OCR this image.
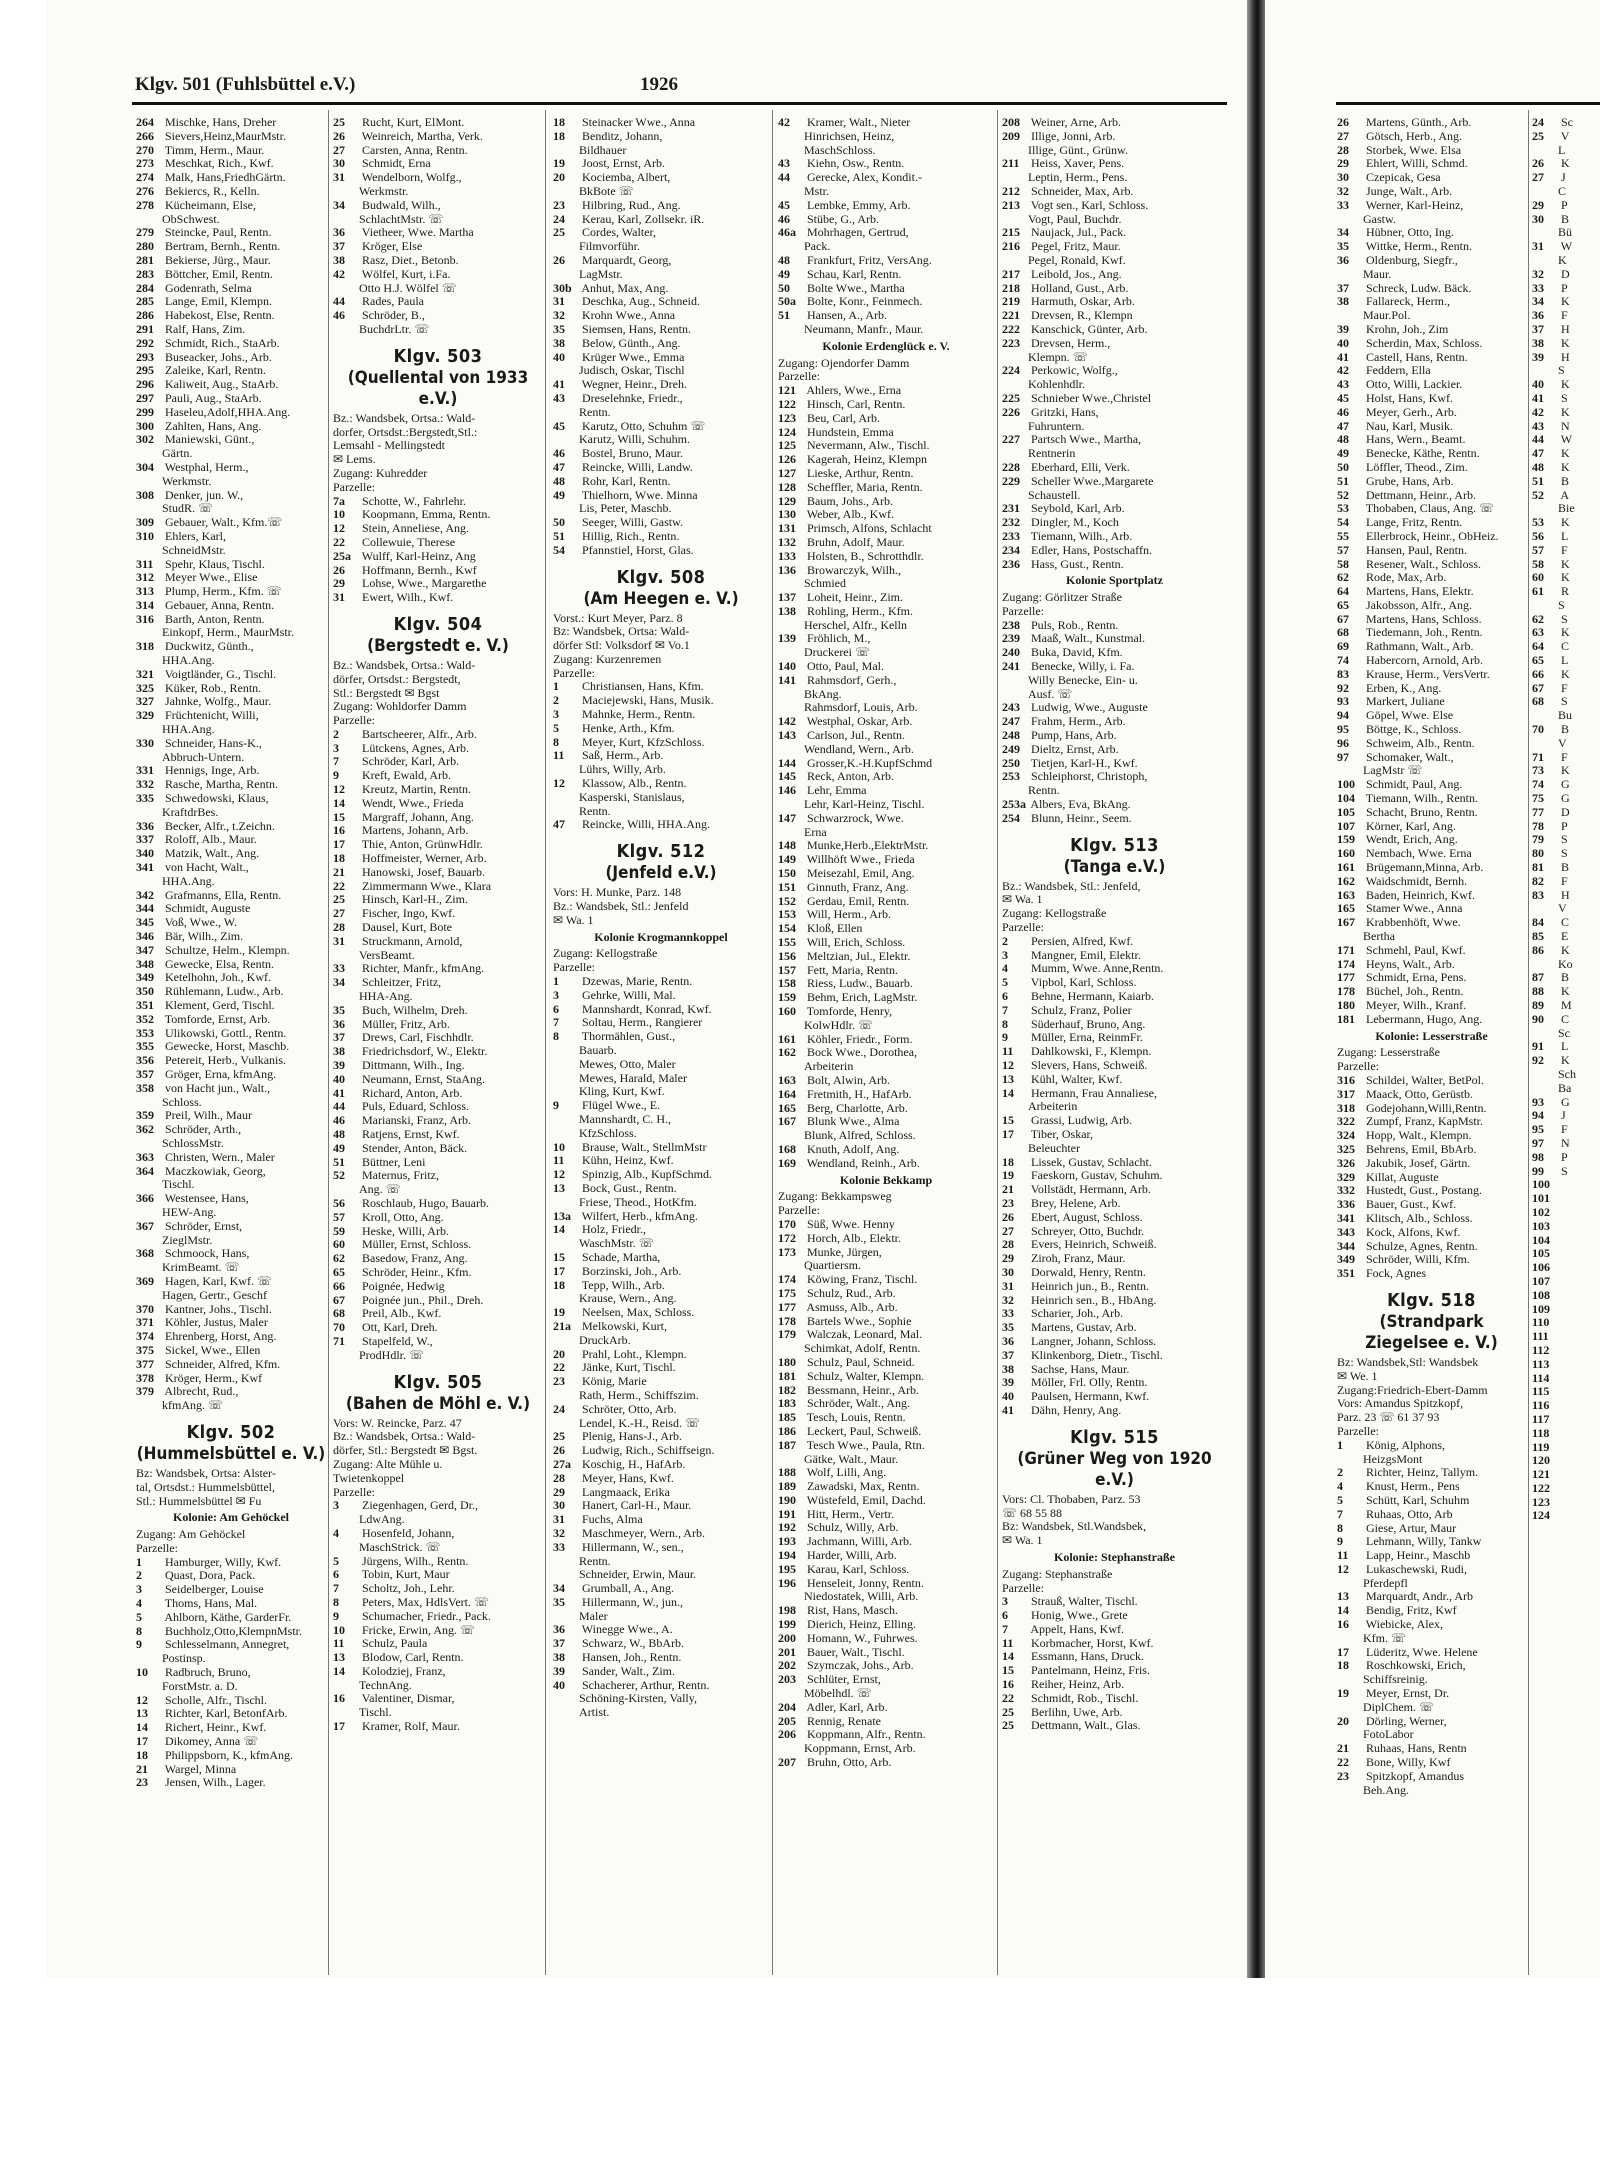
Klgv. 501 (Fuhlsbüttel e.V.)	1926
264 Mischke, Hans, Dreher
266 Sievers,Heinz,MaurMstr.
270 Timm, Herm., Maur.
273 Meschkat, Rich., Kwf.
274 Malk, Hans,FriedhGärtn.
276 Bekiercs, R., Kelln.
278 Kücheimann, Else,
ObSchwest.
279 Steincke, Paul, Rentn.
280 Bertram, Bernh., Rentn.
281 Bekierse, Jürg., Maur.
283 Böttcher, Emil, Rentn.
284 Godenrath, Selma
285 Lange, Emil, Klempn.
286 Habekost, Else, Rentn.
291 Ralf, Hans, Zim.
292 Schmidt, Rich., StaArb.
293 Buseacker, Johs., Arb.
295 Zaleike, Karl, Rentn.
296 Kaliweit, Aug., StaArb.
297 Pauli, Aug., StaArb.
299 Haseleu,Adolf,HHA.Ang.
300 Zahlten, Hans, Ang.
302 Maniewski, Günt.,
Gärtn.
304 Westphal, Herm.,
Werkmstr.
308 Denker, jun. W.,
StudR. ☏
309 Gebauer, Walt., Kfm.☏
310 Ehlers, Karl,
SchneidMstr.
311 Spehr, Klaus, Tischl.
312 Meyer Wwe., Elise
313 Plump, Herm., Kfm. ☏
314 Gebauer, Anna, Rentn.
316 Barth, Anton, Rentn.
Einkopf, Herm., MaurMstr.
318 Duckwitz, Günth.,
HHA.Ang.
321 Voigtländer, G., Tischl.
325 Küker, Rob., Rentn.
327 Jahnke, Wolfg., Maur.
329 Früchtenicht, Willi,
HHA.Ang.
330 Schneider, Hans-K.,
Abbruch-Untern.
331 Hennigs, Inge, Arb.
332 Rasche, Martha, Rentn.
335 Schwedowski, Klaus,
KraftdrBes.
336 Becker, Alfr., t.Zeichn.
337 Roloff, Alb., Maur.
340 Matzik, Walt., Ang.
341 von Hacht, Walt.,
HHA.Ang.
342 Grafmanns, Ella, Rentn.
344 Schmidt, Auguste
345 Voß, Wwe., W.
346 Bär, Wilh., Zim.
347 Schultze, Helm., Klempn.
348 Gewecke, Elsa, Rentn.
349 Ketelhohn, Joh., Kwf.
350 Rühlemann, Ludw., Arb.
351 Klement, Gerd, Tischl.
352 Tomforde, Ernst, Arb.
353 Ulikowski, Gottl., Rentn.
355 Gewecke, Horst, Maschb.
356 Petereit, Herb., Vulkanis.
357 Gröger, Erna, kfmAng.
358 von Hacht jun., Walt.,
Schloss.
359 Preil, Wilh., Maur
362 Schröder, Arth.,
SchlossMstr.
363 Christen, Wern., Maler
364 Maczkowiak, Georg,
Tischl.
366 Westensee, Hans,
HEW-Ang.
367 Schröder, Ernst,
ZieglMstr.
368 Schmoock, Hans,
KrimBeamt. ☏
369 Hagen, Karl, Kwf. ☏
Hagen, Gertr., Geschf
370 Kantner, Johs., Tischl.
371 Köhler, Justus, Maler
374 Ehrenberg, Horst, Ang.
375 Sickel, Wwe., Ellen
377 Schneider, Alfred, Kfm.
378 Kröger, Herm., Kwf
379 Albrecht, Rud.,
kfmAng. ☏
Klgv. 502
(Hummelsbüttel e. V.)
Bz: Wandsbek, Ortsa: Alster-
tal, Ortsdst.: Hummelsbüttel,
Stl.: Hummelsbüttel ✉ Fu
Kolonie: Am Gehöckel
Zugang: Am Gehöckel
Parzelle:
1 Hamburger, Willy, Kwf.
2 Quast, Dora, Pack.
3 Seidelberger, Louise
4 Thoms, Hans, Mal.
5 Ahlborn, Käthe, GarderFr.
8 Buchholz,Otto,KlempnMstr.
9 Schlesselmann, Annegret,
Postinsp.
10 Radbruch, Bruno,
ForstMstr. a. D.
12 Scholle, Alfr., Tischl.
13 Richter, Karl, BetonfArb.
14 Richert, Heinr., Kwf.
17 Dikomey, Anna ☏
18 Philippsborn, K., kfmAng.
21 Wargel, Minna
23 Jensen, Wilh., Lager.
25 Rucht, Kurt, ElMont.
26 Weinreich, Martha, Verk.
27 Carsten, Anna, Rentn.
30 Schmidt, Erna
31 Wendelborn, Wolfg.,
Werkmstr.
34 Budwald, Wilh.,
SchlachtMstr. ☏
36 Vietheer, Wwe. Martha
37 Kröger, Else
38 Rasz, Diet., Betonb.
42 Wölfel, Kurt, i.Fa.
Otto H.J. Wölfel ☏
44 Rades, Paula
46 Schröder, B.,
BuchdrLtr. ☏
Klgv. 503
(Quellental von 1933 e.V.)
Bz.: Wandsbek, Ortsa.: Wald-
dorfer, Ortsdst.:Bergstedt,Stl.:
Lemsahl - Mellingstedt
✉ Lems.
Zugang: Kuhredder
Parzelle:
7a Schotte, W., Fahrlehr.
10 Koopmann, Emma, Rentn.
12 Stein, Anneliese, Ang.
22 Collewuie, Therese
25a Wulff, Karl-Heinz, Ang
26 Hoffmann, Bernh., Kwf
29 Lohse, Wwe., Margarethe
31 Ewert, Wilh., Kwf.
Klgv. 504
(Bergstedt e. V.)
Bz.: Wandsbek, Ortsa.: Wald-
dörfer, Ortsdst.: Bergstedt,
Stl.: Bergstedt ✉ Bgst
Zugang: Wohldorfer Damm
Parzelle:
2 Bartscheerer, Alfr., Arb.
3 Lütckens, Agnes, Arb.
7 Schröder, Karl, Arb.
9 Kreft, Ewald, Arb.
12 Kreutz, Martin, Rentn.
14 Wendt, Wwe., Frieda
15 Margraff, Johann, Ang.
16 Martens, Johann, Arb.
17 Thie, Anton, GrünwHdlr.
18 Hoffmeister, Werner, Arb.
21 Hanowski, Josef, Bauarb.
22 Zimmermann Wwe., Klara
25 Hinsch, Karl-H., Zim.
27 Fischer, Ingo, Kwf.
28 Dausel, Kurt, Bote
31 Struckmann, Arnold,
VersBeamt.
33 Richter, Manfr., kfmAng.
34 Schleitzer, Fritz,
HHA-Ang.
35 Buch, Wilhelm, Dreh.
36 Müller, Fritz, Arb.
37 Drews, Carl, Fischhdlr.
38 Friedrichsdorf, W., Elektr.
39 Dittmann, Wilh., Ing.
40 Neumann, Ernst, StaAng.
41 Richard, Anton, Arb.
44 Puls, Eduard, Schloss.
46 Marianski, Franz, Arb.
48 Ratjens, Ernst, Kwf.
49 Stender, Anton, Bäck.
51 Büttner, Leni
52 Maternus, Fritz,
Ang. ☏
56 Roschlaub, Hugo, Bauarb.
57 Kroll, Otto, Ang.
59 Heske, Willi, Arb.
60 Müller, Ernst, Schloss.
62 Basedow, Franz, Ang.
65 Schröder, Heinr., Kfm.
66 Poignée, Hedwig
67 Poignée jun., Phil., Dreh.
68 Preil, Alb., Kwf.
70 Ott, Karl, Dreh.
71 Stapelfeld, W.,
ProdHdlr. ☏
Klgv. 505
(Bahen de Möhl e. V.)
Vors: W. Reincke, Parz. 47
Bz.: Wandsbek, Ortsa.: Wald-
dörfer, Stl.: Bergstedt ✉ Bgst.
Zugang: Alte Mühle u.
Twietenkoppel
Parzelle:
3 Ziegenhagen, Gerd, Dr.,
LdwAng.
4 Hosenfeld, Johann,
MaschStrick. ☏
5 Jürgens, Wilh., Rentn.
6 Tobin, Kurt, Maur
7 Scholtz, Joh., Lehr.
8 Peters, Max, HdlsVert. ☏
9 Schumacher, Friedr., Pack.
10 Fricke, Erwin, Ang. ☏
11 Schulz, Paula
13 Blodow, Carl, Rentn.
14 Kolodziej, Franz,
TechnAng.
16 Valentiner, Dismar,
Tischl.
17 Kramer, Rolf, Maur.
18 Steinacker Wwe., Anna
18 Benditz, Johann,
Bildhauer
19 Joost, Ernst, Arb.
20 Kociemba, Albert,
BkBote ☏
23 Hilbring, Rud., Ang.
24 Kerau, Karl, Zollsekr. iR.
25 Cordes, Walter,
Filmvorführ.
26 Marquardt, Georg,
LagMstr.
30b Anhut, Max, Ang.
31 Deschka, Aug., Schneid.
32 Krohn Wwe., Anna
35 Siemsen, Hans, Rentn.
38 Below, Günth., Ang.
40 Krüger Wwe., Emma
Judisch, Oskar, Tischl
41 Wegner, Heinr., Dreh.
43 Dreselehnke, Friedr.,
Rentn.
45 Karutz, Otto, Schuhm ☏
Karutz, Willi, Schuhm.
46 Bostel, Bruno, Maur.
47 Reincke, Willi, Landw.
48 Rohr, Karl, Rentn.
49 Thielhorn, Wwe. Minna
Lis, Peter, Maschb.
50 Seeger, Willi, Gastw.
51 Hillig, Rich., Rentn.
54 Pfannstiel, Horst, Glas.
Klgv. 508
(Am Heegen e. V.)
Vorst.: Kurt Meyer, Parz. 8
Bz: Wandsbek, Ortsa: Wald-
dörfer Stl: Volksdorf ✉ Vo.1
Zugang: Kurzenremen
Parzelle:
1 Christiansen, Hans, Kfm.
2 Maciejewski, Hans, Musik.
3 Mahnke, Herm., Rentn.
5 Henke, Arth., Kfm.
8 Meyer, Kurt, KfzSchloss.
11 Saß, Herm., Arb.
Lührs, Willy, Arb.
12 Klassow, Alb., Rentn.
Kasperski, Stanislaus,
Rentn.
47 Reincke, Willi, HHA.Ang.
Klgv. 512
(Jenfeld e.V.)
Vors: H. Munke, Parz. 148
Bz.: Wandsbek, Stl.: Jenfeld
✉ Wa. 1
Kolonie Krogmannkoppel
Zugang: Kellogstraße
Parzelle:
1 Dzewas, Marie, Rentn.
3 Gehrke, Willi, Mal.
6 Mannshardt, Konrad, Kwf.
7 Soltau, Herm., Rangierer
8 Thormählen, Gust.,
Bauarb.
Mewes, Otto, Maler
Mewes, Harald, Maler
Kling, Kurt, Kwf.
9 Flügel Wwe., E.
Mannshardt, C. H.,
KfzSchloss.
10 Brause, Walt., StellmMstr
11 Kühn, Heinz, Kwf.
12 Spinzig, Alb., KupfSchmd.
13 Bock, Gust., Rentn.
Friese, Theod., HotKfm.
13a Wilfert, Herb., kfmAng.
14 Holz, Friedr.,
WaschMstr. ☏
15 Schade, Martha,
17 Borzinski, Joh., Arb.
18 Tepp, Wilh., Arb.
Krause, Wern., Ang.
19 Neelsen, Max, Schloss.
21a Melkowski, Kurt,
DruckArb.
20 Prahl, Loht., Klempn.
22 Jänke, Kurt, Tischl.
23 König, Marie
Rath, Herm., Schiffszim.
24 Schröter, Otto, Arb.
Lendel, K.-H., Reisd. ☏
25 Plenig, Hans-J., Arb.
26 Ludwig, Rich., Schiffseign.
27a Koschig, H., HafArb.
28 Meyer, Hans, Kwf.
29 Langmaack, Erika
30 Hanert, Carl-H., Maur.
31 Fuchs, Alma
32 Maschmeyer, Wern., Arb.
33 Hillermann, W., sen.,
Rentn.
Schneider, Erwin, Maur.
34 Grumball, A., Ang.
35 Hillermann, W., jun.,
Maler
36 Winegge Wwe., A.
37 Schwarz, W., BbArb.
38 Hansen, Joh., Rentn.
39 Sander, Walt., Zim.
40 Schacherer, Arthur, Rentn.
Schöning-Kirsten, Vally,
Artist.
42 Kramer, Walt., Nieter
Hinrichsen, Heinz,
MaschSchloss.
43 Kiehn, Osw., Rentn.
44 Gerecke, Alex, Kondit.-
Mstr.
45 Lembke, Emmy, Arb.
46 Stübe, G., Arb.
46a Mohrhagen, Gertrud,
Pack.
48 Frankfurt, Fritz, VersAng.
49 Schau, Karl, Rentn.
50 Bolte Wwe., Martha
50a Bolte, Konr., Feinmech.
51 Hansen, A., Arb.
Neumann, Manfr., Maur.
Kolonie Erdenglück e. V.
Zugang: Ojendorfer Damm
Parzelle:
121 Ahlers, Wwe., Erna
122 Hinsch, Carl, Rentn.
123 Beu, Carl, Arb.
124 Hundstein, Emma
125 Nevermann, Alw., Tischl.
126 Kagerah, Heinz, Klempn
127 Lieske, Arthur, Rentn.
128 Scheffler, Maria, Rentn.
129 Baum, Johs., Arb.
130 Weber, Alb., Kwf.
131 Primsch, Alfons, Schlacht
132 Bruhn, Adolf, Maur.
133 Holsten, B., Schrotthdlr.
136 Browarczyk, Wilh.,
Schmied
137 Loheit, Heinr., Zim.
138 Rohling, Herm., Kfm.
Herschel, Alfr., Kelln
139 Fröhlich, M.,
Druckerei ☏
140 Otto, Paul, Mal.
141 Rahmsdorf, Gerh.,
BkAng.
Rahmsdorf, Louis, Arb.
142 Westphal, Oskar, Arb.
143 Carlson, Jul., Rentn.
Wendland, Wern., Arb.
144 Grosser,K.-H.KupfSchmd
145 Reck, Anton, Arb.
146 Lehr, Emma
Lehr, Karl-Heinz, Tischl.
147 Schwarzrock, Wwe.
Erna
148 Munke,Herb.,ElektrMstr.
149 Willhöft Wwe., Frieda
150 Meisezahl, Emil, Ang.
151 Ginnuth, Franz, Ang.
152 Gerdau, Emil, Rentn.
153 Will, Herm., Arb.
154 Kloß, Ellen
155 Will, Erich, Schloss.
156 Meltzian, Jul., Elektr.
157 Fett, Maria, Rentn.
158 Riess, Ludw., Bauarb.
159 Behm, Erich, LagMstr.
160 Tomforde, Henry,
KolwHdlr. ☏
161 Köhler, Friedr., Form.
162 Bock Wwe., Dorothea,
Arbeiterin
163 Bolt, Alwin, Arb.
164 Fretmith, H., HafArb.
165 Berg, Charlotte, Arb.
167 Blunk Wwe., Alma
Blunk, Alfred, Schloss.
168 Knuth, Adolf, Ang.
169 Wendland, Reinh., Arb.
Kolonie Bekkamp
Zugang: Bekkampsweg
Parzelle:
170 Süß, Wwe. Henny
172 Horch, Alb., Elektr.
173 Munke, Jürgen,
Quartiersm.
174 Köwing, Franz, Tischl.
175 Schulz, Rud., Arb.
177 Asmuss, Alb., Arb.
178 Bartels Wwe., Sophie
179 Walczak, Leonard, Mal.
Schimkat, Adolf, Rentn.
180 Schulz, Paul, Schneid.
181 Schulz, Walter, Klempn.
182 Bessmann, Heinr., Arb.
183 Schröder, Walt., Ang.
185 Tesch, Louis, Rentn.
186 Leckert, Paul, Schweiß.
187 Tesch Wwe., Paula, Rtn.
Gätke, Walt., Maur.
188 Wolf, Lilli, Ang.
189 Zawadski, Max, Rentn.
190 Wüstefeld, Emil, Dachd.
191 Hitt, Herm., Vertr.
192 Schulz, Willy, Arb.
193 Jachmann, Willi, Arb.
194 Harder, Willi, Arb.
195 Karau, Karl, Schloss.
196 Henseleit, Jonny, Rentn.
Niedostatek, Willi, Arb.
198 Rist, Hans, Masch.
199 Dierich, Heinz, Elling.
200 Homann, W., Fuhrwes.
201 Bauer, Walt., Tischl.
202 Szymczak, Johs., Arb.
203 Schlüter, Ernst,
Möbelhdl. ☏
204 Adler, Karl, Arb.
205 Rennig, Renate
206 Koppmann, Alfr., Rentn.
Koppmann, Ernst, Arb.
207 Bruhn, Otto, Arb.
208 Weiner, Arne, Arb.
209 Illige, Jonni, Arb.
Illige, Günt., Grünw.
211 Heiss, Xaver, Pens.
Leptin, Herm., Pens.
212 Schneider, Max, Arb.
213 Vogt sen., Karl, Schloss.
Vogt, Paul, Buchdr.
215 Naujack, Jul., Pack.
216 Pegel, Fritz, Maur.
Pegel, Ronald, Kwf.
217 Leibold, Jos., Ang.
218 Holland, Gust., Arb.
219 Harmuth, Oskar, Arb.
221 Drevsen, R., Klempn
222 Kanschick, Günter, Arb.
223 Drevsen, Herm.,
Klempn. ☏
224 Perkowic, Wolfg.,
Kohlenhdlr.
225 Schnieber Wwe.,Christel
226 Gritzki, Hans,
Fuhruntern.
227 Partsch Wwe., Martha,
Rentnerin
228 Eberhard, Elli, Verk.
229 Scheller Wwe.,Margarete
Schaustell.
231 Seybold, Karl, Arb.
232 Dingler, M., Koch
233 Tiemann, Wilh., Arb.
234 Edler, Hans, Postschaffn.
236 Hass, Gust., Rentn.
Kolonie Sportplatz
Zugang: Görlitzer Straße
Parzelle:
238 Puls, Rob., Rentn.
239 Maaß, Walt., Kunstmal.
240 Buka, David, Kfm.
241 Benecke, Willy, i. Fa.
Willy Benecke, Ein- u.
Ausf. ☏
243 Ludwig, Wwe., Auguste
247 Frahm, Herm., Arb.
248 Pump, Hans, Arb.
249 Dieltz, Ernst, Arb.
250 Tietjen, Karl-H., Kwf.
253 Schleiphorst, Christoph,
Rentn.
253a Albers, Eva, BkAng.
254 Blunn, Heinr., Seem.
Klgv. 513
(Tanga e.V.)
Bz.: Wandsbek, Stl.: Jenfeld,
✉ Wa. 1
Zugang: Kellogstraße
Parzelle:
2 Persien, Alfred, Kwf.
3 Mangner, Emil, Elektr.
4 Mumm, Wwe. Anne,Rentn.
5 Vipbol, Karl, Schloss.
6 Behne, Hermann, Kaiarb.
7 Schulz, Franz, Polier
8 Süderhauf, Bruno, Ang.
9 Müller, Erna, ReinmFr.
11 Dahlkowski, F., Klempn.
12 Slevers, Hans, Schweiß.
13 Kühl, Walter, Kwf.
14 Hermann, Frau Annaliese,
Arbeiterin
15 Grassi, Ludwig, Arb.
17 Tiber, Oskar,
Beleuchter
18 Lissek, Gustav, Schlacht.
19 Faeskorn, Gustav, Schuhm.
21 Vollstädt, Hermann, Arb.
23 Brey, Helene, Arb.
26 Ebert, August, Schloss.
27 Schreyer, Otto, Buchdr.
28 Evers, Heinrich, Schweiß.
29 Ziroh, Franz, Maur.
30 Dorwald, Henry, Rentn.
31 Heinrich jun., B., Rentn.
32 Heinrich sen., B., HbAng.
33 Scharier, Joh., Arb.
35 Martens, Gustav, Arb.
36 Langner, Johann, Schloss.
37 Klinkenborg, Dietr., Tischl.
38 Sachse, Hans, Maur.
39 Möller, Frl. Olly, Rentn.
40 Paulsen, Hermann, Kwf.
41 Dähn, Henry, Ang.
Klgv. 515
(Grüner Weg von 1920 e.V.)
Vors: Cl. Thobaben, Parz. 53
☏ 68 55 88
Bz: Wandsbek, Stl.Wandsbek,
✉ Wa. 1
Kolonie: Stephanstraße
Zugang: Stephanstraße
Parzelle:
3 Strauß, Walter, Tischl.
6 Honig, Wwe., Grete
7 Appelt, Hans, Kwf.
11 Korbmacher, Horst, Kwf.
14 Essmann, Hans, Druck.
15 Pantelmann, Heinz, Fris.
16 Reiher, Heinz, Arb.
22 Schmidt, Rob., Tischl.
25 Berlihn, Uwe, Arb.
25 Dettmann, Walt., Glas.
26 Martens, Günth., Arb.
27 Götsch, Herb., Ang.
28 Storbek, Wwe. Elsa
29 Ehlert, Willi, Schmd.
30 Czepicak, Gesa
32 Junge, Walt., Arb.
33 Werner, Karl-Heinz,
Gastw.
34 Hübner, Otto, Ing.
35 Wittke, Herm., Rentn.
36 Oldenburg, Siegfr.,
Maur.
37 Schreck, Ludw. Bäck.
38 Fallareck, Herm.,
Maur.Pol.
39 Krohn, Joh., Zim
40 Scherdin, Max, Schloss.
41 Castell, Hans, Rentn.
42 Feddern, Ella
43 Otto, Willi, Lackier.
45 Holst, Hans, Kwf.
46 Meyer, Gerh., Arb.
47 Nau, Karl, Musik.
48 Hans, Wern., Beamt.
49 Benecke, Käthe, Rentn.
50 Löffler, Theod., Zim.
51 Grube, Hans, Arb.
52 Dettmann, Heinr., Arb.
53 Thobaben, Claus, Ang. ☏
54 Lange, Fritz, Rentn.
55 Ellerbrock, Heinr., ObHeiz.
57 Hansen, Paul, Rentn.
58 Resener, Walt., Schloss.
62 Rode, Max, Arb.
64 Martens, Hans, Elektr.
65 Jakobsson, Alfr., Ang.
67 Martens, Hans, Schloss.
68 Tiedemann, Joh., Rentn.
69 Rathmann, Walt., Arb.
74 Habercorn, Arnold, Arb.
83 Krause, Herm., VersVertr.
92 Erben, K., Ang.
93 Markert, Juliane
94 Göpel, Wwe. Else
95 Böttge, K., Schloss.
96 Schweim, Alb., Rentn.
97 Schomaker, Walt.,
LagMstr ☏
100 Schmidt, Paul, Ang.
104 Tiemann, Wilh., Rentn.
105 Schacht, Bruno, Rentn.
107 Körner, Karl, Ang.
159 Wendt, Erich, Ang.
160 Nembach, Wwe. Erna
161 Brügemann,Minna, Arb.
162 Waidschmidt, Bernh.
163 Baden, Heinrich, Kwf.
165 Stamer Wwe., Anna
167 Krabbenhöft, Wwe.
Bertha
171 Schmehl, Paul, Kwf.
174 Heyns, Walt., Arb.
177 Schmidt, Erna, Pens.
178 Büchel, Joh., Rentn.
180 Meyer, Wilh., Kranf.
181 Lebermann, Hugo, Ang.
Kolonie: Lesserstraße
Zugang: Lesserstraße
Parzelle:
316 Schildei, Walter, BetPol.
317 Maack, Otto, Gerüstb.
318 Godejohann,Willi,Rentn.
322 Zumpf, Franz, KapMstr.
324 Hopp, Walt., Klempn.
325 Behrens, Emil, BbArb.
326 Jakubik, Josef, Gärtn.
329 Killat, Auguste
332 Hustedt, Gust., Postang.
336 Bauer, Gust., Kwf.
341 Klitsch, Alb., Schloss.
343 Kock, Alfons, Kwf.
344 Schulze, Agnes, Rentn.
349 Schröder, Willi, Kfm.
351 Fock, Agnes
Klgv. 518
(Strandpark Ziegelsee e. V.)
Bz: Wandsbek,Stl: Wandsbek
✉ We. 1
Zugang:Friedrich-Ebert-Damm
Vors: Amandus Spitzkopf,
Parz. 23 ☏ 61 37 93
Parzelle:
1 König, Alphons,
HeizgsMont
2 Richter, Heinz, Tallym.
4 Knust, Herm., Pens
5 Schütt, Karl, Schuhm
7 Ruhaas, Otto, Arb
8 Giese, Artur, Maur
9 Lehmann, Willy, Tankw
11 Lapp, Heinr., Maschb
12 Lukaschewski, Rudi,
Pferdepfl
13 Marquardt, Andr., Arb
14 Bendig, Fritz, Kwf
16 Wiebicke, Alex,
Kfm. ☏
17 Lüderitz, Wwe. Helene
18 Roschkowski, Erich,
Schiffsreinig.
19 Meyer, Ernst, Dr.
DiplChem. ☏
20 Dörling, Werner,
FotoLabor
21 Ruhaas, Hans, Rentn
22 Bone, Willy, Kwf
23 Spitzkopf, Amandus
Beh.Ang.
24 Sc
25 V
L
26 K
27 J
C
29 P
30 B
Bü
31 W
K
32 D
33 P
34 K
36 F
37 H
38 K
39 H
S
40 K
41 S
42 K
43 N
44 W
47 K
48 K
51 B
52 A
Bie
53 K
56 L
57 F
58 K
60 K
61 R
S
62 S
63 K
64 C
65 L
66 K
67 F
68 S
Bu
70 B
V
71 F
73 K
74 G
75 G
77 D
78 P
79 S
80 S
81 B
82 F
83 H
V
84 C
85 E
86 K
Ko
87 B
88 K
89 M
90 C
Sc
91 L
92 K
Sch
Ba
93 G
94 J
95 F
97 N
98 P
99 S
100
101
102
103
104
105
106
107
108
109
110
111
112
113
114
115
116
117
118
119
120
121
122
123
124
